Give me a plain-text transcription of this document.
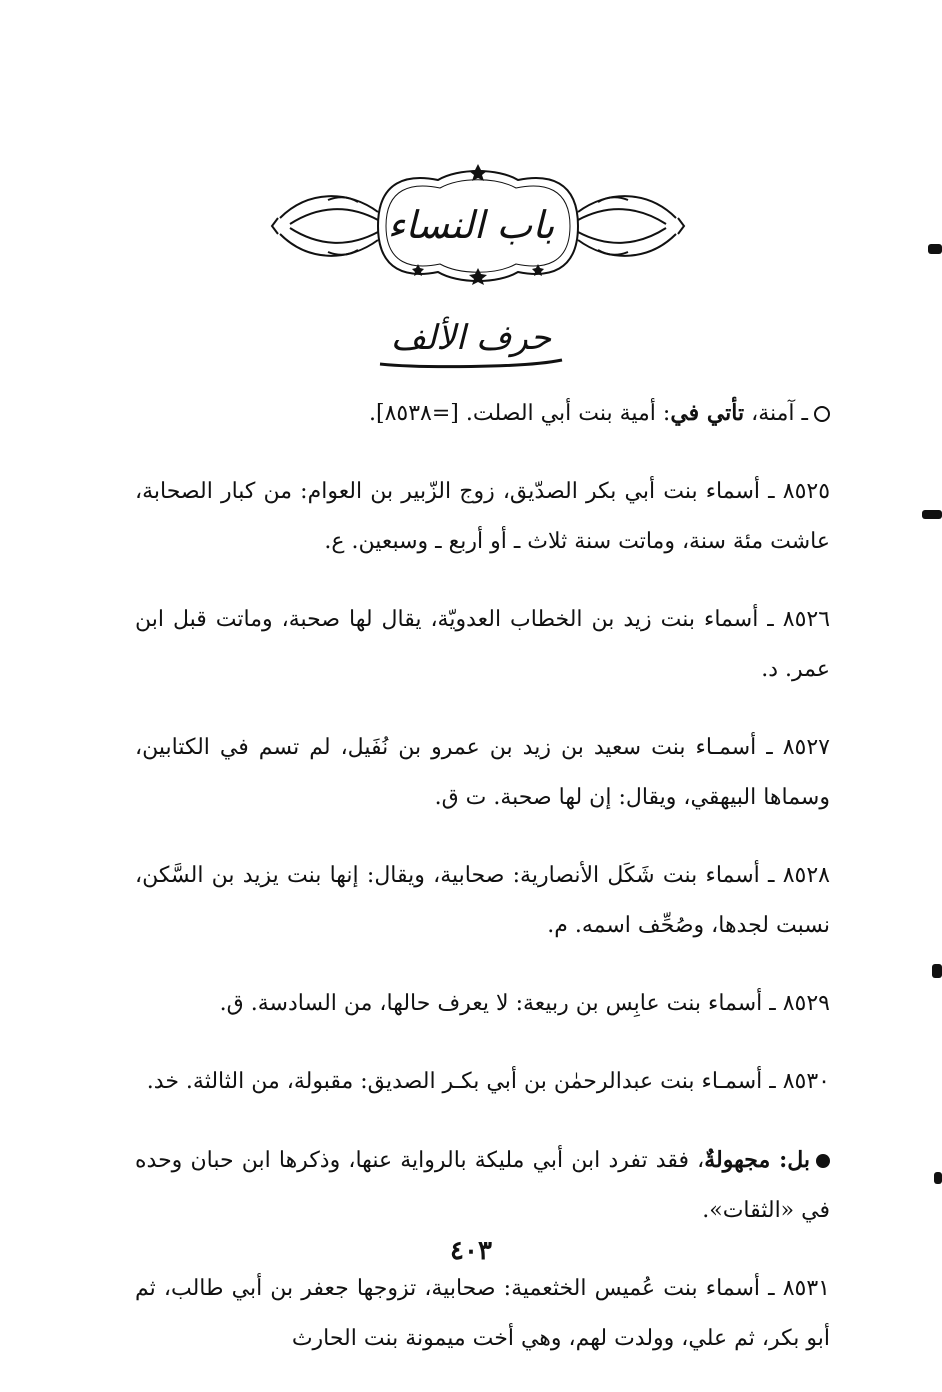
باب النساء
حرف الألف

ـ آمنة، تأتي في: أمية بنت أبي الصلت. [=٨٥٣٨].

٨٥٢٥ ـ أسماء بنت أبي بكر الصدّيق، زوج الزّبير بن العوام: من كبار الصحابة، عاشت مئة سنة، وماتت سنة ثلاث ـ أو أربع ـ وسبعين. ع.

٨٥٢٦ ـ أسماء بنت زيد بن الخطاب العدويّة، يقال لها صحبة، وماتت قبل ابن عمر. د.

٨٥٢٧ ـ أسمـاء بنت سعيد بن زيد بن عمرو بن نُفَيل، لم تسم في الكتابين، وسماها البيهقي، ويقال: إن لها صحبة. ت ق.

٨٥٢٨ ـ أسماء بنت شَكَل الأنصارية: صحابية، ويقال: إنها بنت يزيد بن السَّكن، نسبت لجدها، وصُحِّف اسمه. م.

٨٥٢٩ ـ أسماء بنت عابِس بن ربيعة: لا يعرف حالها، من السادسة. ق.

٨٥٣٠ ـ أسمـاء بنت عبدالرحمٰن بن أبي بكـر الصديق: مقبولة، من الثالثة. خد.

بل: مجهولةٌ، فقد تفرد ابن أبي مليكة بالرواية عنها، وذكرها ابن حبان وحده في «الثقات».

٨٥٣١ ـ أسماء بنت عُميس الخثعمية: صحابية، تزوجها جعفر بن أبي طالب، ثم أبو بكر، ثم علي، وولدت لهم، وهي أخت ميمونة بنت الحارث

٤٠٣
